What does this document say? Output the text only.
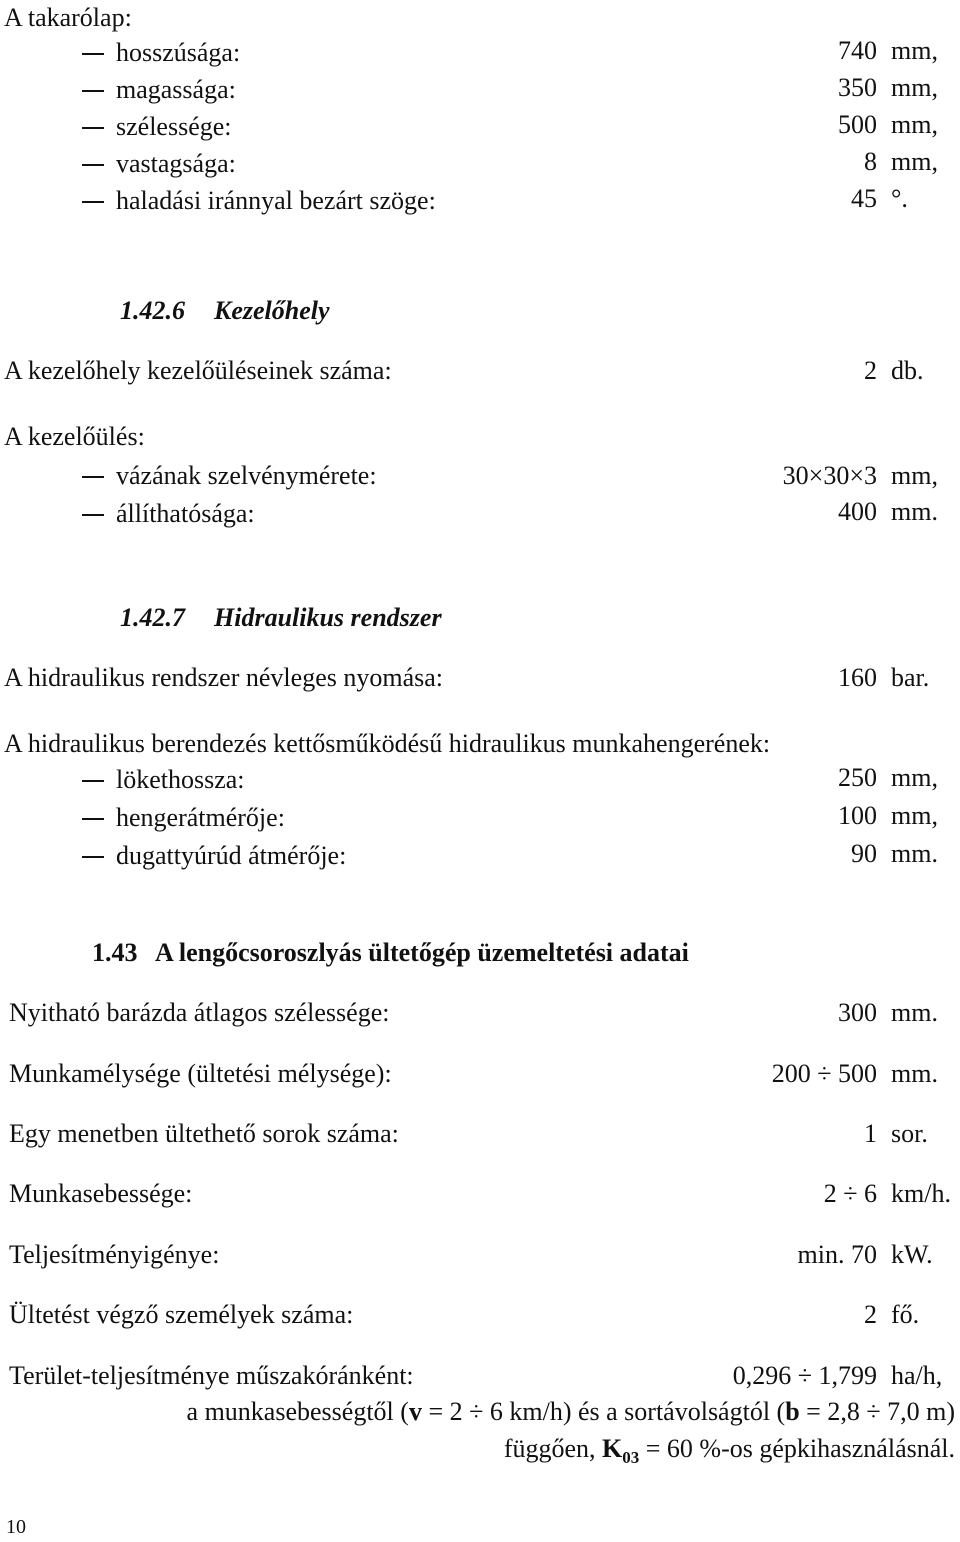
A takarólap:
hosszúsága:	740 mm,
magassága:	350 mm,
szélessége:	500 mm,
vastagsága:	8 mm,
haladási iránnyal bezárt szöge:	45 °.
1.42.6 Kezelőhely
A kezelőhely kezelőüléseinek száma:	2 db.
A kezelőülés:
vázának szelvénymérete:	30×30×3 mm,
állíthatósága:	400 mm.
1.42.7 Hidraulikus rendszer
A hidraulikus rendszer névleges nyomása:	160 bar.
A hidraulikus berendezés kettősműködésű hidraulikus munkahengerének:
lökethossza:	250 mm,
hengerátmérője:	100 mm,
dugattyúrúd átmérője:	90 mm.
1.43 A lengőcsoroszlyás ültetőgép üzemeltetési adatai
Nyitható barázda átlagos szélessége:	300 mm.
Munkamélysége (ültetési mélysége):	200 ÷ 500 mm.
Egy menetben ültethető sorok száma:	1 sor.
Munkasebessége:	2 ÷ 6 km/h.
Teljesítményigénye:	min. 70 kW.
Ültetést végző személyek száma:	2 fő.
Terület-teljesítménye műszakóránként:	0,296 ÷ 1,799 ha/h,
a munkasebességtől (v = 2 ÷ 6 km/h) és a sortávolságtól (b = 2,8 ÷ 7,0 m)
függően, $K_{03} = 60$ %-os gépkihasználásnál.
10
